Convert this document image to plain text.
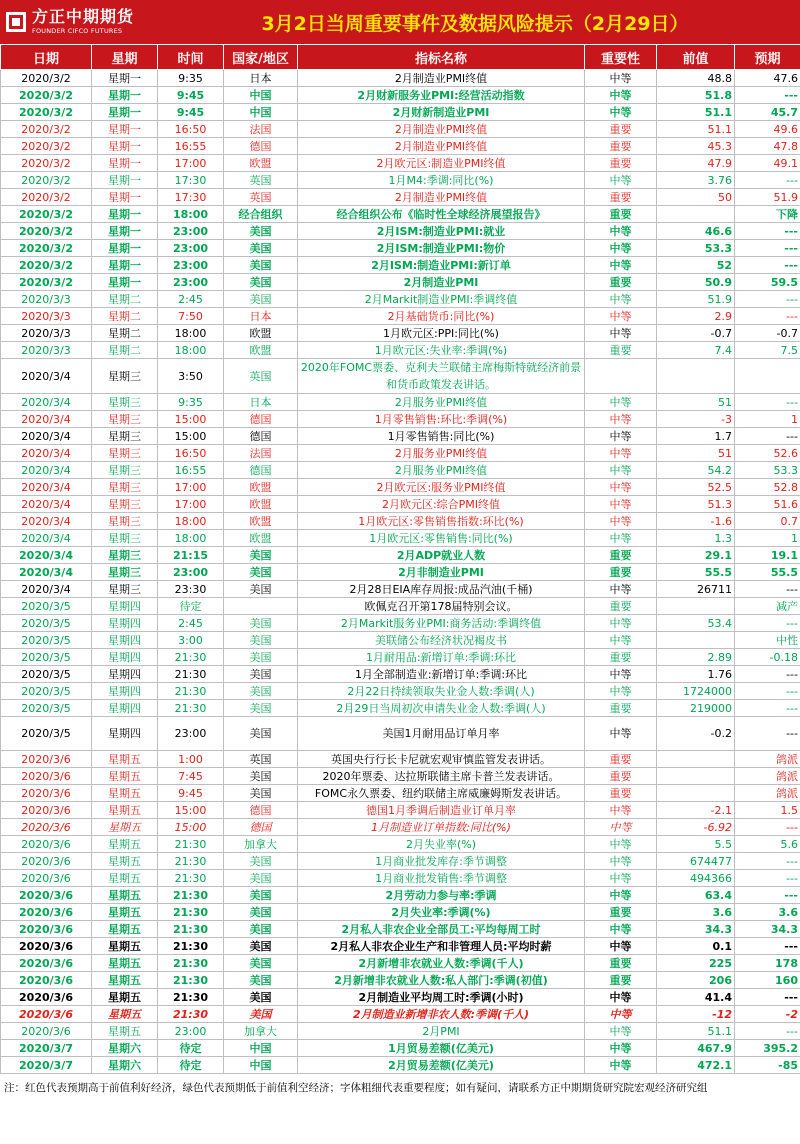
方正中期期货
FOUNDER CIFCO FUTURES	3月2日当周重要事件及数据风险提示（2月29日）
日期	星期	时间	国家/地区	指标名称	重要性	前值	预期
2020/3/2	星期一	9:35	日本	2月制造业PMI终值	中等	48.8	47.6
2020/3/2	星期一	9:45	中国	2月财新服务业PMI:经营活动指数	中等	51.8	---
2020/3/2	星期一	9:45	中国	2月财新制造业PMI	中等	51.1	45.7
2020/3/2	星期一	16:50	法国	2月制造业PMI终值	重要	51.1	49.6
2020/3/2	星期一	16:55	德国	2月制造业PMI终值	重要	45.3	47.8
2020/3/2	星期一	17:00	欧盟	2月欧元区:制造业PMI终值	重要	47.9	49.1
2020/3/2	星期一	17:30	英国	1月M4:季调:同比(%)	中等	3.76	---
2020/3/2	星期一	17:30	英国	2月制造业PMI终值	重要	50	51.9
2020/3/2	星期一	18:00	经合组织	经合组织公布《临时性全球经济展望报告》	重要		下降
2020/3/2	星期一	23:00	美国	2月ISM:制造业PMI:就业	中等	46.6	---
2020/3/2	星期一	23:00	美国	2月ISM:制造业PMI:物价	中等	53.3	---
2020/3/2	星期一	23:00	美国	2月ISM:制造业PMI:新订单	中等	52	---
2020/3/2	星期一	23:00	美国	2月制造业PMI	重要	50.9	59.5
2020/3/3	星期二	2:45	美国	2月Markit制造业PMI:季调终值	中等	51.9	---
2020/3/3	星期二	7:50	日本	2月基础货币:同比(%)	中等	2.9	---
2020/3/3	星期二	18:00	欧盟	1月欧元区:PPI:同比(%)	中等	-0.7	-0.7
2020/3/3	星期二	18:00	欧盟	1月欧元区:失业率:季调(%)	重要	7.4	7.5
2020/3/4	星期三	3:50	英国	2020年FOMC票委、克利夫兰联储主席梅斯特就经济前景和货币政策发表讲话。			
2020/3/4	星期三	9:35	日本	2月服务业PMI终值	中等	51	---
2020/3/4	星期三	15:00	德国	1月零售销售:环比:季调(%)	中等	-3	1
2020/3/4	星期三	15:00	德国	1月零售销售:同比(%)	中等	1.7	---
2020/3/4	星期三	16:50	法国	2月服务业PMI终值	中等	51	52.6
2020/3/4	星期三	16:55	德国	2月服务业PMI终值	中等	54.2	53.3
2020/3/4	星期三	17:00	欧盟	2月欧元区:服务业PMI终值	中等	52.5	52.8
2020/3/4	星期三	17:00	欧盟	2月欧元区:综合PMI终值	中等	51.3	51.6
2020/3/4	星期三	18:00	欧盟	1月欧元区:零售销售指数:环比(%)	中等	-1.6	0.7
2020/3/4	星期三	18:00	欧盟	1月欧元区:零售销售:同比(%)	中等	1.3	1
2020/3/4	星期三	21:15	美国	2月ADP就业人数	重要	29.1	19.1
2020/3/4	星期三	23:00	美国	2月非制造业PMI	重要	55.5	55.5
2020/3/4	星期三	23:30	美国	2月28日EIA库存周报:成品汽油(千桶)	中等	26711	---
2020/3/5	星期四	待定		欧佩克召开第178届特别会议。	重要		减产
2020/3/5	星期四	2:45	美国	2月Markit服务业PMI:商务活动:季调终值	中等	53.4	---
2020/3/5	星期四	3:00	美国	美联储公布经济状况褐皮书	中等		中性
2020/3/5	星期四	21:30	美国	1月耐用品:新增订单:季调:环比	重要	2.89	-0.18
2020/3/5	星期四	21:30	美国	1月全部制造业:新增订单:季调:环比	中等	1.76	---
2020/3/5	星期四	21:30	美国	2月22日持续领取失业金人数:季调(人)	中等	1724000	---
2020/3/5	星期四	21:30	美国	2月29日当周初次申请失业金人数:季调(人)	重要	219000	---
2020/3/5	星期四	23:00	美国	美国1月耐用品订单月率	中等	-0.2	---
2020/3/6	星期五	1:00	英国	英国央行行长卡尼就宏观审慎监管发表讲话。	重要		鸽派
2020/3/6	星期五	7:45	美国	2020年票委、达拉斯联储主席卡普兰发表讲话。	重要		鸽派
2020/3/6	星期五	9:45	美国	FOMC永久票委、纽约联储主席威廉姆斯发表讲话。	重要		鸽派
2020/3/6	星期五	15:00	德国	德国1月季调后制造业订单月率	中等	-2.1	1.5
2020/3/6	星期五	15:00	德国	1月制造业订单指数:同比(%)	中等	-6.92	---
2020/3/6	星期五	21:30	加拿大	2月失业率(%)	中等	5.5	5.6
2020/3/6	星期五	21:30	美国	1月商业批发库存:季节调整	中等	674477	---
2020/3/6	星期五	21:30	美国	1月商业批发销售:季节调整	中等	494366	---
2020/3/6	星期五	21:30	美国	2月劳动力参与率:季调	中等	63.4	---
2020/3/6	星期五	21:30	美国	2月失业率:季调(%)	重要	3.6	3.6
2020/3/6	星期五	21:30	美国	2月私人非农企业全部员工:平均每周工时	中等	34.3	34.3
2020/3/6	星期五	21:30	美国	2月私人非农企业生产和非管理人员:平均时薪	中等	0.1	---
2020/3/6	星期五	21:30	美国	2月新增非农就业人数:季调(千人)	重要	225	178
2020/3/6	星期五	21:30	美国	2月新增非农就业人数:私人部门:季调(初值)	重要	206	160
2020/3/6	星期五	21:30	美国	2月制造业平均周工时:季调(小时)	中等	41.4	---
2020/3/6	星期五	21:30	美国	2月制造业新增非农人数:季调(千人)	中等	-12	-2
2020/3/6	星期五	23:00	加拿大	2月PMI	中等	51.1	---
2020/3/7	星期六	待定	中国	1月贸易差额(亿美元)	中等	467.9	395.2
2020/3/7	星期六	待定	中国	2月贸易差额(亿美元)	中等	472.1	-85
注：红色代表预期高于前值利好经济，绿色代表预期低于前值利空经济；字体粗细代表重要程度；如有疑问，请联系方正中期期货研究院宏观经济研究组
